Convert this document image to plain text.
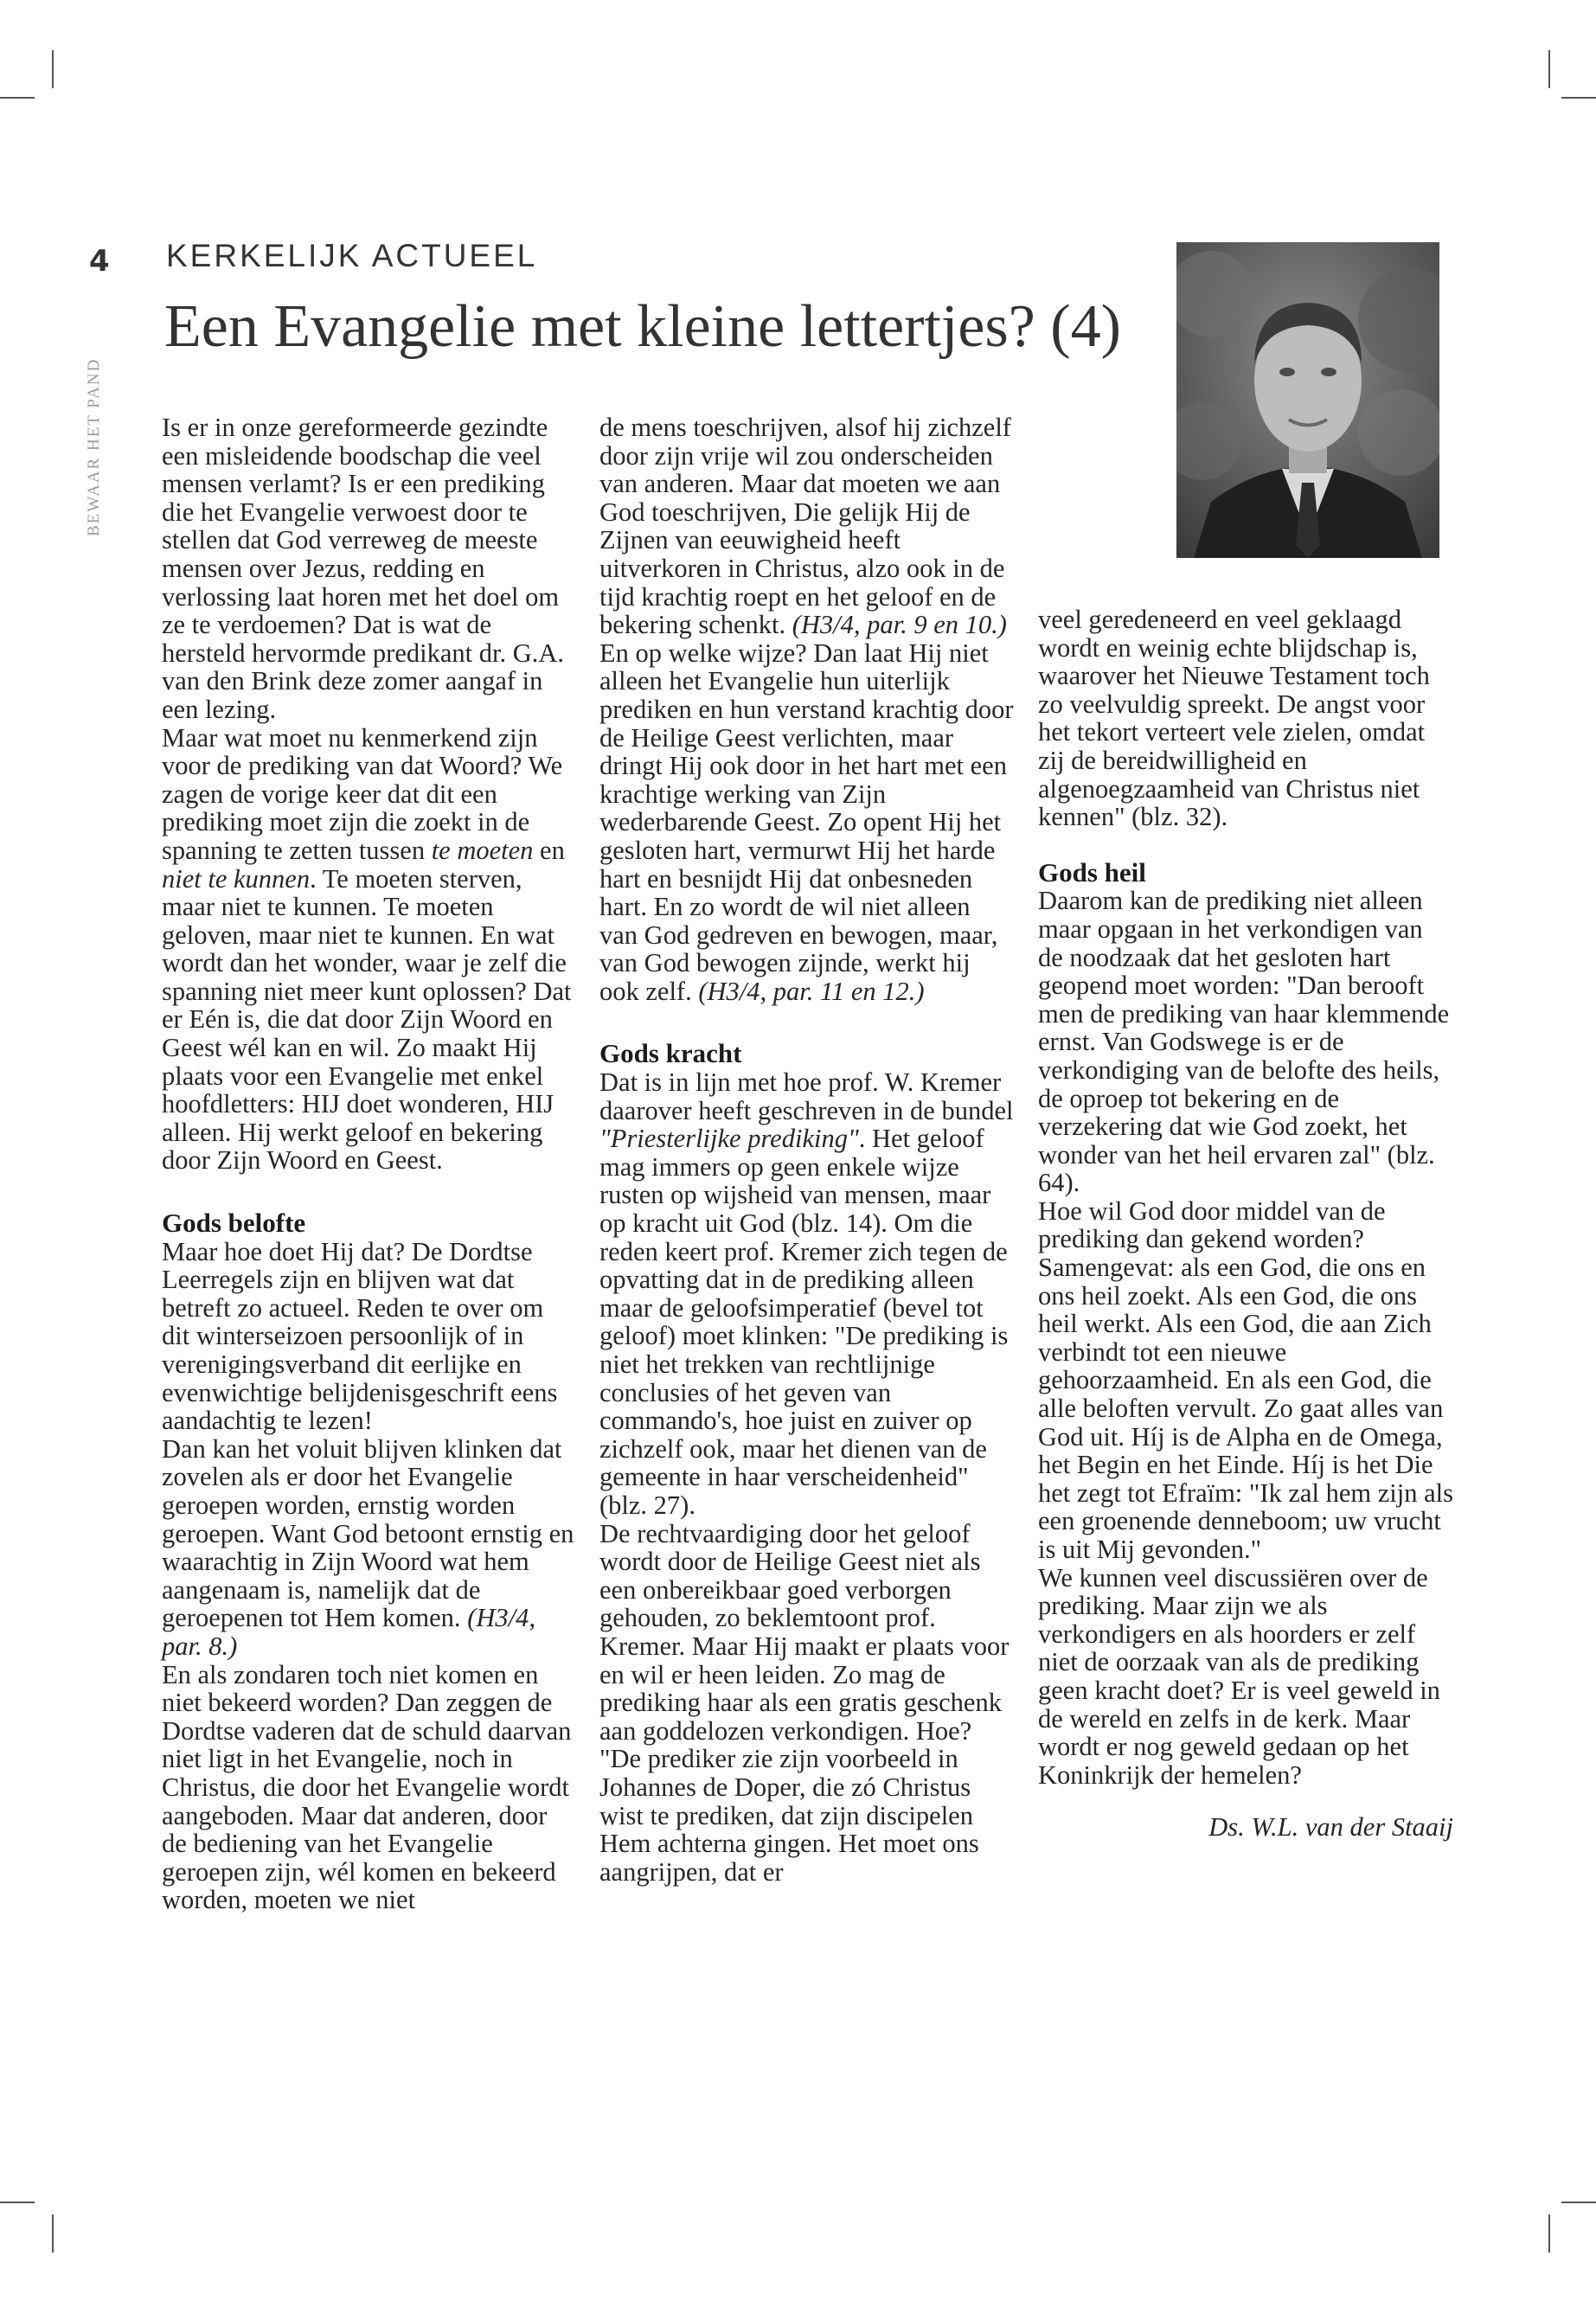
BEWAAR HET PAND
4 KERKELIJK ACTUEEL
Een Evangelie met kleine lettertjes? (4)

Is er in onze gereformeerde gezindte een misleidende boodschap die veel mensen verlamt? Is er een prediking die het Evangelie verwoest door te stellen dat God verreweg de meeste mensen over Jezus, redding en verlossing laat horen met het doel om ze te verdoemen? Dat is wat de hersteld hervormde predikant dr. G.A. van den Brink deze zomer aangaf in een lezing.

Maar wat moet nu kenmerkend zijn voor de prediking van dat Woord? We zagen de vorige keer dat dit een prediking moet zijn die zoekt in de spanning te zetten tussen te moeten en niet te kunnen. Te moeten sterven, maar niet te kunnen. Te moeten geloven, maar niet te kunnen. En wat wordt dan het wonder, waar je zelf die spanning niet meer kunt oplossen? Dat er Eén is, die dat door Zijn Woord en Geest wél kan en wil. Zo maakt Hij plaats voor een Evangelie met enkel hoofdletters: HIJ doet wonderen, HIJ alleen. Hij werkt geloof en bekering door Zijn Woord en Geest.

Gods belofte

Maar hoe doet Hij dat? De Dordtse Leerregels zijn en blijven wat dat betreft zo actueel. Reden te over om dit winterseizoen persoonlijk of in verenigingsverband dit eerlijke en evenwichtige belijdenisgeschrift eens aandachtig te lezen!

Dan kan het voluit blijven klinken dat zovelen als er door het Evangelie geroepen worden, ernstig worden geroepen. Want God betoont ernstig en waarachtig in Zijn Woord wat hem aangenaam is, namelijk dat de geroepenen tot Hem komen. (H3/4, par. 8.)

En als zondaren toch niet komen en niet bekeerd worden? Dan zeggen de Dordtse vaderen dat de schuld daarvan niet ligt in het Evangelie, noch in Christus, die door het Evangelie wordt aangeboden. Maar dat anderen, door de bediening van het Evangelie geroepen zijn, wél komen en bekeerd worden, moeten we niet

de mens toeschrijven, alsof hij zichzelf door zijn vrije wil zou onderscheiden van anderen. Maar dat moeten we aan God toeschrijven, Die gelijk Hij de Zijnen van eeuwigheid heeft uitverkoren in Christus, alzo ook in de tijd krachtig roept en het geloof en de bekering schenkt. (H3/4, par. 9 en 10.)

En op welke wijze? Dan laat Hij niet alleen het Evangelie hun uiterlijk prediken en hun verstand krachtig door de Heilige Geest verlichten, maar dringt Hij ook door in het hart met een krachtige werking van Zijn wederbarende Geest. Zo opent Hij het gesloten hart, vermurwt Hij het harde hart en besnijdt Hij dat onbesneden hart. En zo wordt de wil niet alleen van God gedreven en bewogen, maar, van God bewogen zijnde, werkt hij ook zelf. (H3/4, par. 11 en 12.)

Gods kracht

Dat is in lijn met hoe prof. W. Kremer daarover heeft geschreven in de bundel "Priesterlijke prediking". Het geloof mag immers op geen enkele wijze rusten op wijsheid van mensen, maar op kracht uit God (blz. 14). Om die reden keert prof. Kremer zich tegen de opvatting dat in de prediking alleen maar de geloofsimperatief (bevel tot geloof) moet klinken: "De prediking is niet het trekken van rechtlijnige conclusies of het geven van commando's, hoe juist en zuiver op zichzelf ook, maar het dienen van de gemeente in haar verscheidenheid" (blz. 27).

De rechtvaardiging door het geloof wordt door de Heilige Geest niet als een onbereikbaar goed verborgen gehouden, zo beklemtoont prof. Kremer. Maar Hij maakt er plaats voor en wil er heen leiden. Zo mag de prediking haar als een gratis geschenk aan goddelozen verkondigen. Hoe? "De prediker zie zijn voorbeeld in Johannes de Doper, die zó Christus wist te prediken, dat zijn discipelen Hem achterna gingen. Het moet ons aangrijpen, dat er

veel geredeneerd en veel geklaagd wordt en weinig echte blijdschap is, waarover het Nieuwe Testament toch zo veelvuldig spreekt. De angst voor het tekort verteert vele zielen, omdat zij de bereidwilligheid en algenoegzaamheid van Christus niet kennen" (blz. 32).

Gods heil

Daarom kan de prediking niet alleen maar opgaan in het verkondigen van de noodzaak dat het gesloten hart geopend moet worden: "Dan berooft men de prediking van haar klemmende ernst. Van Godswege is er de verkondiging van de belofte des heils, de oproep tot bekering en de verzekering dat wie God zoekt, het wonder van het heil ervaren zal" (blz. 64).

Hoe wil God door middel van de prediking dan gekend worden? Samengevat: als een God, die ons en ons heil zoekt. Als een God, die ons heil werkt. Als een God, die aan Zich verbindt tot een nieuwe gehoorzaamheid. En als een God, die alle beloften vervult. Zo gaat alles van God uit. Híj is de Alpha en de Omega, het Begin en het Einde. Híj is het Die het zegt tot Efraïm: "Ik zal hem zijn als een groenende denneboom; uw vrucht is uit Mij gevonden."

We kunnen veel discussiëren over de prediking. Maar zijn we als verkondigers en als hoorders er zelf niet de oorzaak van als de prediking geen kracht doet? Er is veel geweld in de wereld en zelfs in de kerk. Maar wordt er nog geweld gedaan op het Koninkrijk der hemelen?

Ds. W.L. van der Staaij
